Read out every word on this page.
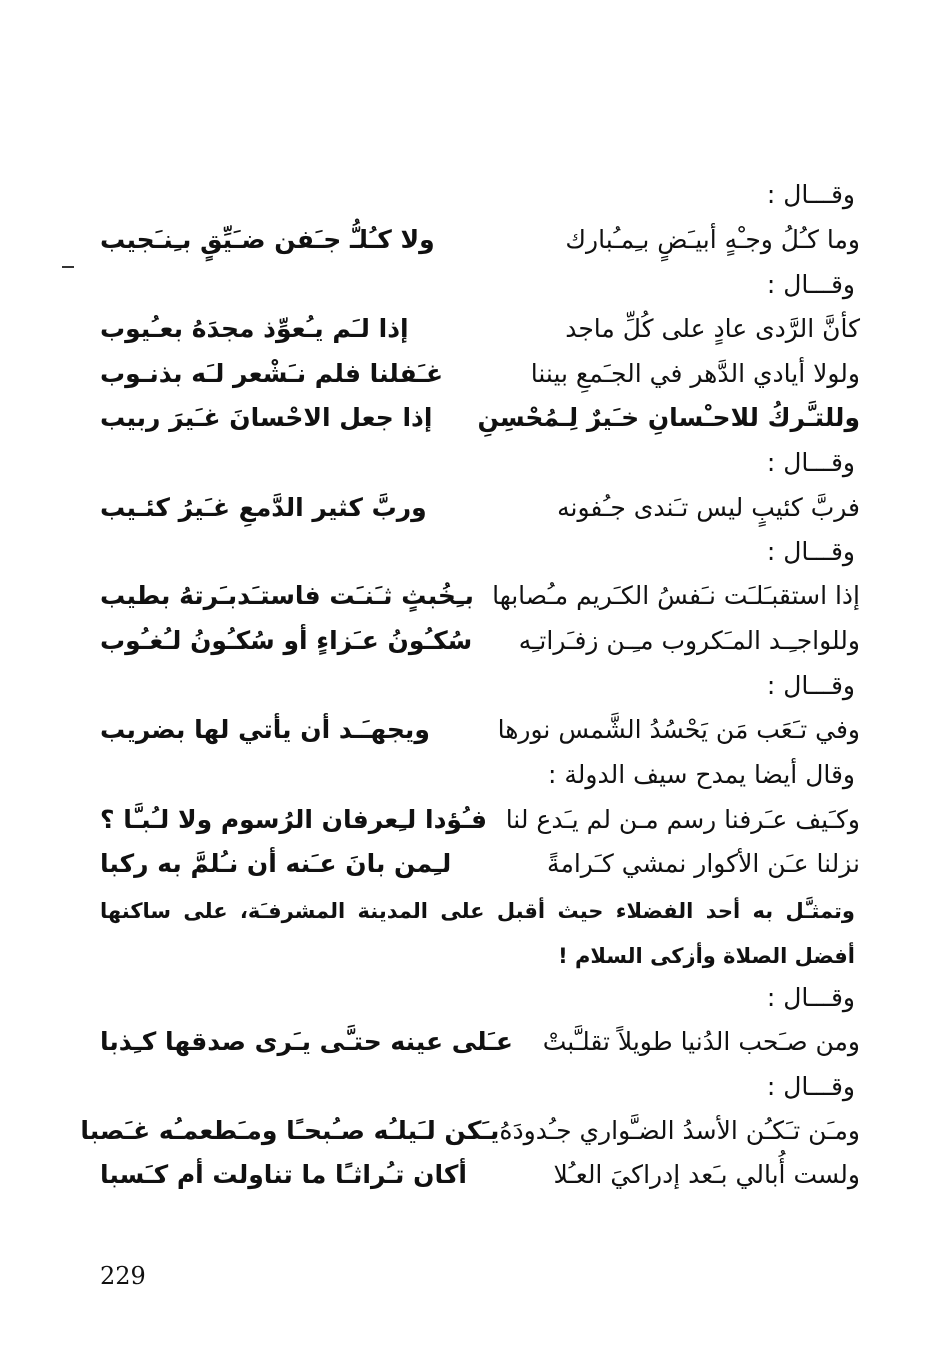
وقـــال :
وما كـُلُ وجـْهٍ أبيـَضٍ بـِمـُبارك
ولا كـُلـُّ جـَفن ضـَيِّقٍ بـِنـَجيب
وقـــال :
كأنَّ الرَّدى عادٍ على كُلِّ ماجد
إذا لـَم يـُعوِّذ مجدَهُ بعـُيوب
ولولا أيادي الدَّهر في الجـَمعِ بيننا
غـَفلنا فلم نـَشْعر لـَه بذنـوب
وللتـَّركُ للاحـْسانِ خـَيرٌ لِـمُحْسِنِ
إذا جعل الاحْسانَ غـَيرَ ربيب
وقـــال :
فربَّ كئيبٍ ليس تـَندى جـُفونه
وربَّ كثير الدَّمعِ غـَيرُ كئـيب
وقـــال :
إذا استقبـَلـَت نـَفسُ الكـَريم مـُصابها
بـِخُبثٍ ثـَنـَت فاستـَدبـَرتهُ بطيب
وللواجـِـد المـَكروب مـِـن زفـَراتـِه
سُكـُونُ عـَزاءٍ أو سُكـُونُ لـُغـُوب
وقـــال :
وفي تـَعَب مَن يَحْسُدُ الشَّمس نورها
ويجهـَـد أن يأتي لها بضريب
وقال أيضا يمدح سيف الدولة :
وكـَيف عـَرفنا رسم مـن لم يـَدع لنا
فـُؤدا لـِعرفان الرُسوم ولا لـُبـَّا ؟
نزلنا عـَن الأكوار نمشي كـَرامةً
لـِمن بانَ عـَنه أن نـُلمَّ به ركبا
وتمثـَّل به أحد الفضلاء حيث أقبل على المدينة المشرفـَة، على ساكنها أفضل الصلاة وأزكى السلام !
وقـــال :
ومن صـَحب الدُنيا طويلاً تقلـَّبتْ
عـَلى عينه حتـَّى يـَرى صدقها كـِذبا
وقـــال :
ومـَن تـَكـُن الأسدُ الضـَّواري جـُدودَهُ
يـَكن لـَيلـُه صـُبحـًا ومـَطعمـُه غـَصبا
ولست أُبالي بـَعد إدراكيَ العـُلا
أكان تـُراثـًا ما تناولت أم كـَسبا
229
